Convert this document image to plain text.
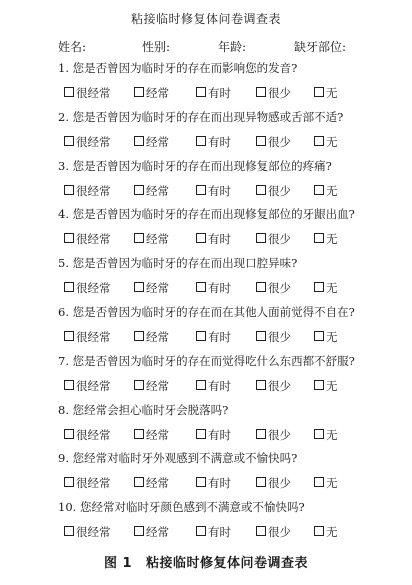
粘接临时修复体问卷调查表
姓名:	性别:	年龄:	缺牙部位:
1. 您是否曾因为临时牙的存在而影响您的发音?
很经常	经常	有时	很少	无
2. 您是否曾因为临时牙的存在而出现异物感或舌部不适?
很经常	经常	有时	很少	无
3. 您是否曾因为临时牙的存在而出现修复部位的疼痛?
很经常	经常	有时	很少	无
4. 您是否曾因为临时牙的存在而出现修复部位的牙龈出血?
很经常	经常	有时	很少	无
5. 您是否曾因为临时牙的存在而出现口腔异味?
很经常	经常	有时	很少	无
6. 您是否曾因为临时牙的存在而在其他人面前觉得不自在?
很经常	经常	有时	很少	无
7. 您是否曾因为临时牙的存在而觉得吃什么东西都不舒服?
很经常	经常	有时	很少	无
8. 您经常会担心临时牙会脱落吗?
很经常	经常	有时	很少	无
9. 您经常对临时牙外观感到不满意或不愉快吗?
很经常	经常	有时	很少	无
10. 您经常对临时牙颜色感到不满意或不愉快吗?
很经常	经常	有时	很少	无
图 1 粘接临时修复体问卷调查表
